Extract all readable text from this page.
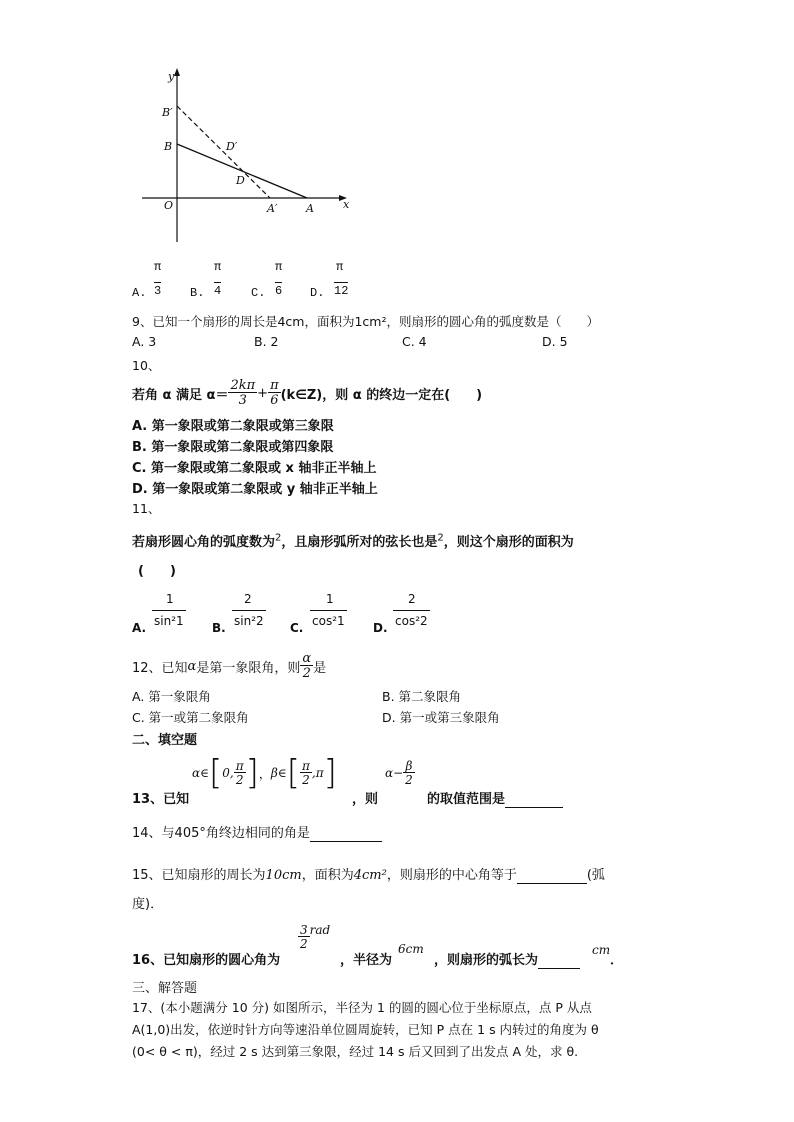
y
x
B′
B	D′
D
O	A′	A
A.
π
3 B.
π
4 C.
π
6 D.
π
12
9、已知一个扇形的周长是4cm，面积为1cm²，则扇形的圆心角的弧度数是（　　）
A. 3	B. 2	C. 4	D. 5
10、
若角 α 满足 $\alpha= \frac{2k\pi}{3} + \frac{\pi}{6}$ (k∈Z)，则 α 的终边一定在(　　)
A. 第一象限或第二象限或第三象限
B. 第一象限或第二象限或第四象限
C. 第一象限或第二象限或 x 轴非正半轴上
D. 第一象限或第二象限或 y 轴非正半轴上
11、
若扇形圆心角的弧度数为$^2$，且扇形弧所对的弦长也是$^2$，则这个扇形的面积为
(　　)
A.
1
sin²1 B.
2
sin²2 C.
1
cos²1 D.
2
cos²2
12、已知 α 是第一象限角，则 $\frac{\alpha}{2}$ 是
A. 第一象限角	B. 第二象限角
C. 第一或第二象限角	D. 第一或第三象限角
二、填空题
13、已知
α∈ [ 0, $\frac{\pi}{2}$ ] ， β∈ [ $\frac{\pi}{2} ,\pi$ ]
，则
$\alpha- \frac{\beta}{2}$
的取值范围是
14、与405°角终边相同的角是
15、已知扇形的周长为10cm，面积为4cm²，则扇形的中心角等于	(弧
度)．
16、已知扇形的圆心角为
$\frac{3}{2}$ rad
，半径为
6cm
，则扇形的弧长为
cm
．
三、解答题
17、(本小题满分 10 分) 如图所示，半径为 1 的圆的圆心位于坐标原点，点 P 从点
A(1,0)出发，依逆时针方向等速沿单位圆周旋转，已知 P 点在 1 s 内转过的角度为 θ
(0< θ < π)，经过 2 s 达到第三象限，经过 14 s 后又回到了出发点 A 处，求 θ.
